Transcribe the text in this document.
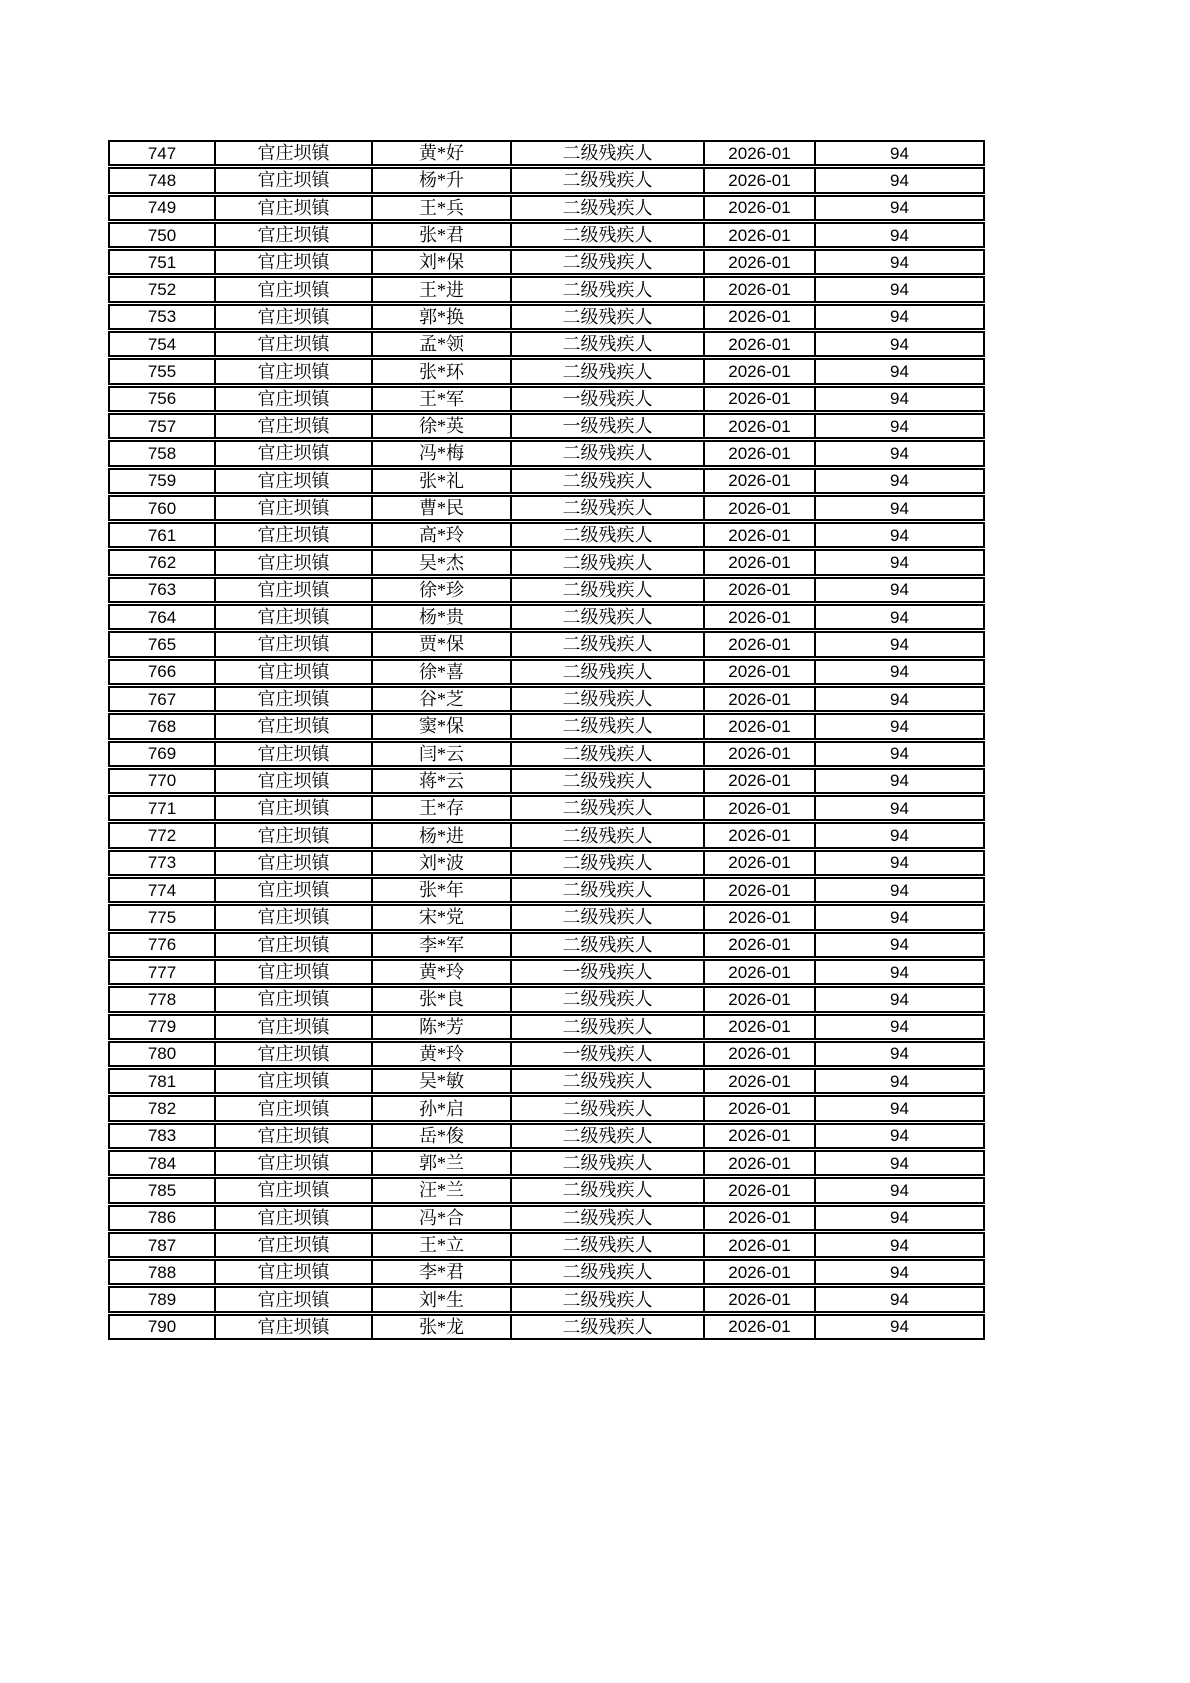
747	官庄坝镇	黄*好	二级残疾人	2026-01	94
748	官庄坝镇	杨*升	二级残疾人	2026-01	94
749	官庄坝镇	王*兵	二级残疾人	2026-01	94
750	官庄坝镇	张*君	二级残疾人	2026-01	94
751	官庄坝镇	刘*保	二级残疾人	2026-01	94
752	官庄坝镇	王*进	二级残疾人	2026-01	94
753	官庄坝镇	郭*换	二级残疾人	2026-01	94
754	官庄坝镇	孟*领	二级残疾人	2026-01	94
755	官庄坝镇	张*环	二级残疾人	2026-01	94
756	官庄坝镇	王*军	一级残疾人	2026-01	94
757	官庄坝镇	徐*英	一级残疾人	2026-01	94
758	官庄坝镇	冯*梅	二级残疾人	2026-01	94
759	官庄坝镇	张*礼	二级残疾人	2026-01	94
760	官庄坝镇	曹*民	二级残疾人	2026-01	94
761	官庄坝镇	高*玲	二级残疾人	2026-01	94
762	官庄坝镇	吴*杰	二级残疾人	2026-01	94
763	官庄坝镇	徐*珍	二级残疾人	2026-01	94
764	官庄坝镇	杨*贵	二级残疾人	2026-01	94
765	官庄坝镇	贾*保	二级残疾人	2026-01	94
766	官庄坝镇	徐*喜	二级残疾人	2026-01	94
767	官庄坝镇	谷*芝	二级残疾人	2026-01	94
768	官庄坝镇	窦*保	二级残疾人	2026-01	94
769	官庄坝镇	闫*云	二级残疾人	2026-01	94
770	官庄坝镇	蒋*云	二级残疾人	2026-01	94
771	官庄坝镇	王*存	二级残疾人	2026-01	94
772	官庄坝镇	杨*进	二级残疾人	2026-01	94
773	官庄坝镇	刘*波	二级残疾人	2026-01	94
774	官庄坝镇	张*年	二级残疾人	2026-01	94
775	官庄坝镇	宋*党	二级残疾人	2026-01	94
776	官庄坝镇	李*军	二级残疾人	2026-01	94
777	官庄坝镇	黄*玲	一级残疾人	2026-01	94
778	官庄坝镇	张*良	二级残疾人	2026-01	94
779	官庄坝镇	陈*芳	二级残疾人	2026-01	94
780	官庄坝镇	黄*玲	一级残疾人	2026-01	94
781	官庄坝镇	吴*敏	二级残疾人	2026-01	94
782	官庄坝镇	孙*启	二级残疾人	2026-01	94
783	官庄坝镇	岳*俊	二级残疾人	2026-01	94
784	官庄坝镇	郭*兰	二级残疾人	2026-01	94
785	官庄坝镇	汪*兰	二级残疾人	2026-01	94
786	官庄坝镇	冯*合	二级残疾人	2026-01	94
787	官庄坝镇	王*立	二级残疾人	2026-01	94
788	官庄坝镇	李*君	二级残疾人	2026-01	94
789	官庄坝镇	刘*生	二级残疾人	2026-01	94
790	官庄坝镇	张*龙	二级残疾人	2026-01	94
